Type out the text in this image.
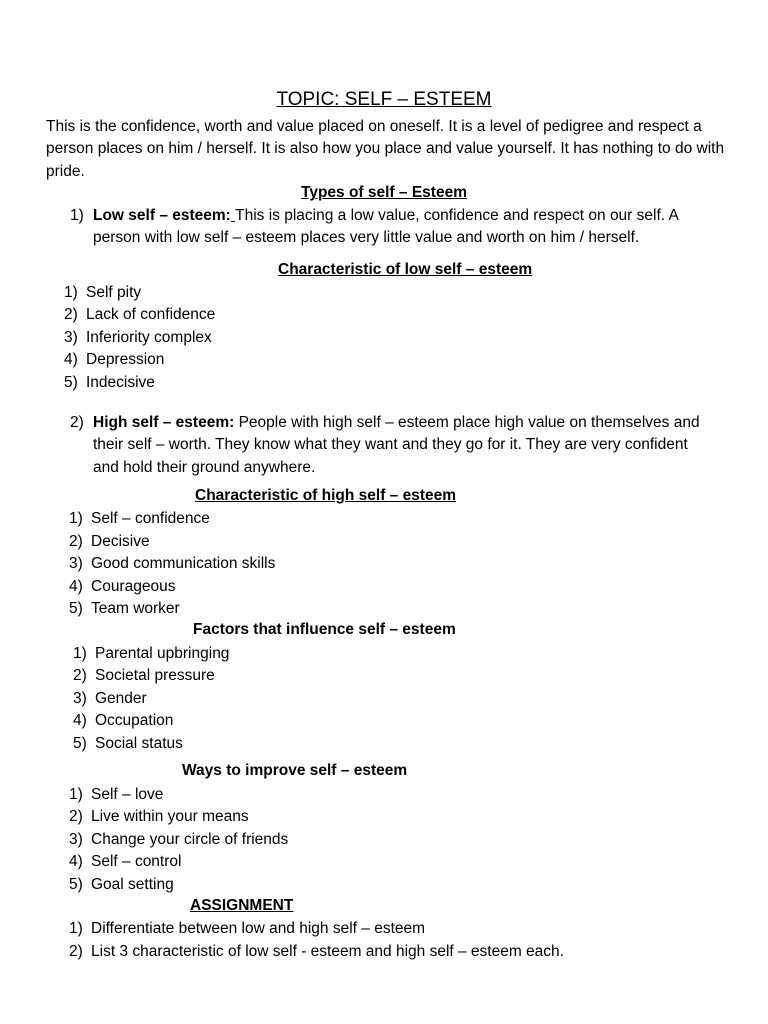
TOPIC: SELF – ESTEEM
This is the confidence, worth and value placed on oneself. It is a level of pedigree and respect a person places on him / herself. It is also how you place and value yourself. It has nothing to do with pride.
Types of self – Esteem
1) Low self – esteem: This is placing a low value, confidence and respect on our self. A person with low self – esteem places very little value and worth on him / herself.
Characteristic of low self – esteem
1) Self pity
2) Lack of confidence
3) Inferiority complex
4) Depression
5) Indecisive
2) High self – esteem: People with high self – esteem place high value on themselves and their self – worth. They know what they want and they go for it. They are very confident and hold their ground anywhere.
Characteristic of high self – esteem
1) Self – confidence
2) Decisive
3) Good communication skills
4) Courageous
5) Team worker
Factors that influence self – esteem
1) Parental upbringing
2) Societal pressure
3) Gender
4) Occupation
5) Social status
Ways to improve self – esteem
1) Self – love
2) Live within your means
3) Change your circle of friends
4) Self – control
5) Goal setting
ASSIGNMENT
1) Differentiate between low and high self – esteem
2) List 3 characteristic of low self - esteem and high self – esteem each.
